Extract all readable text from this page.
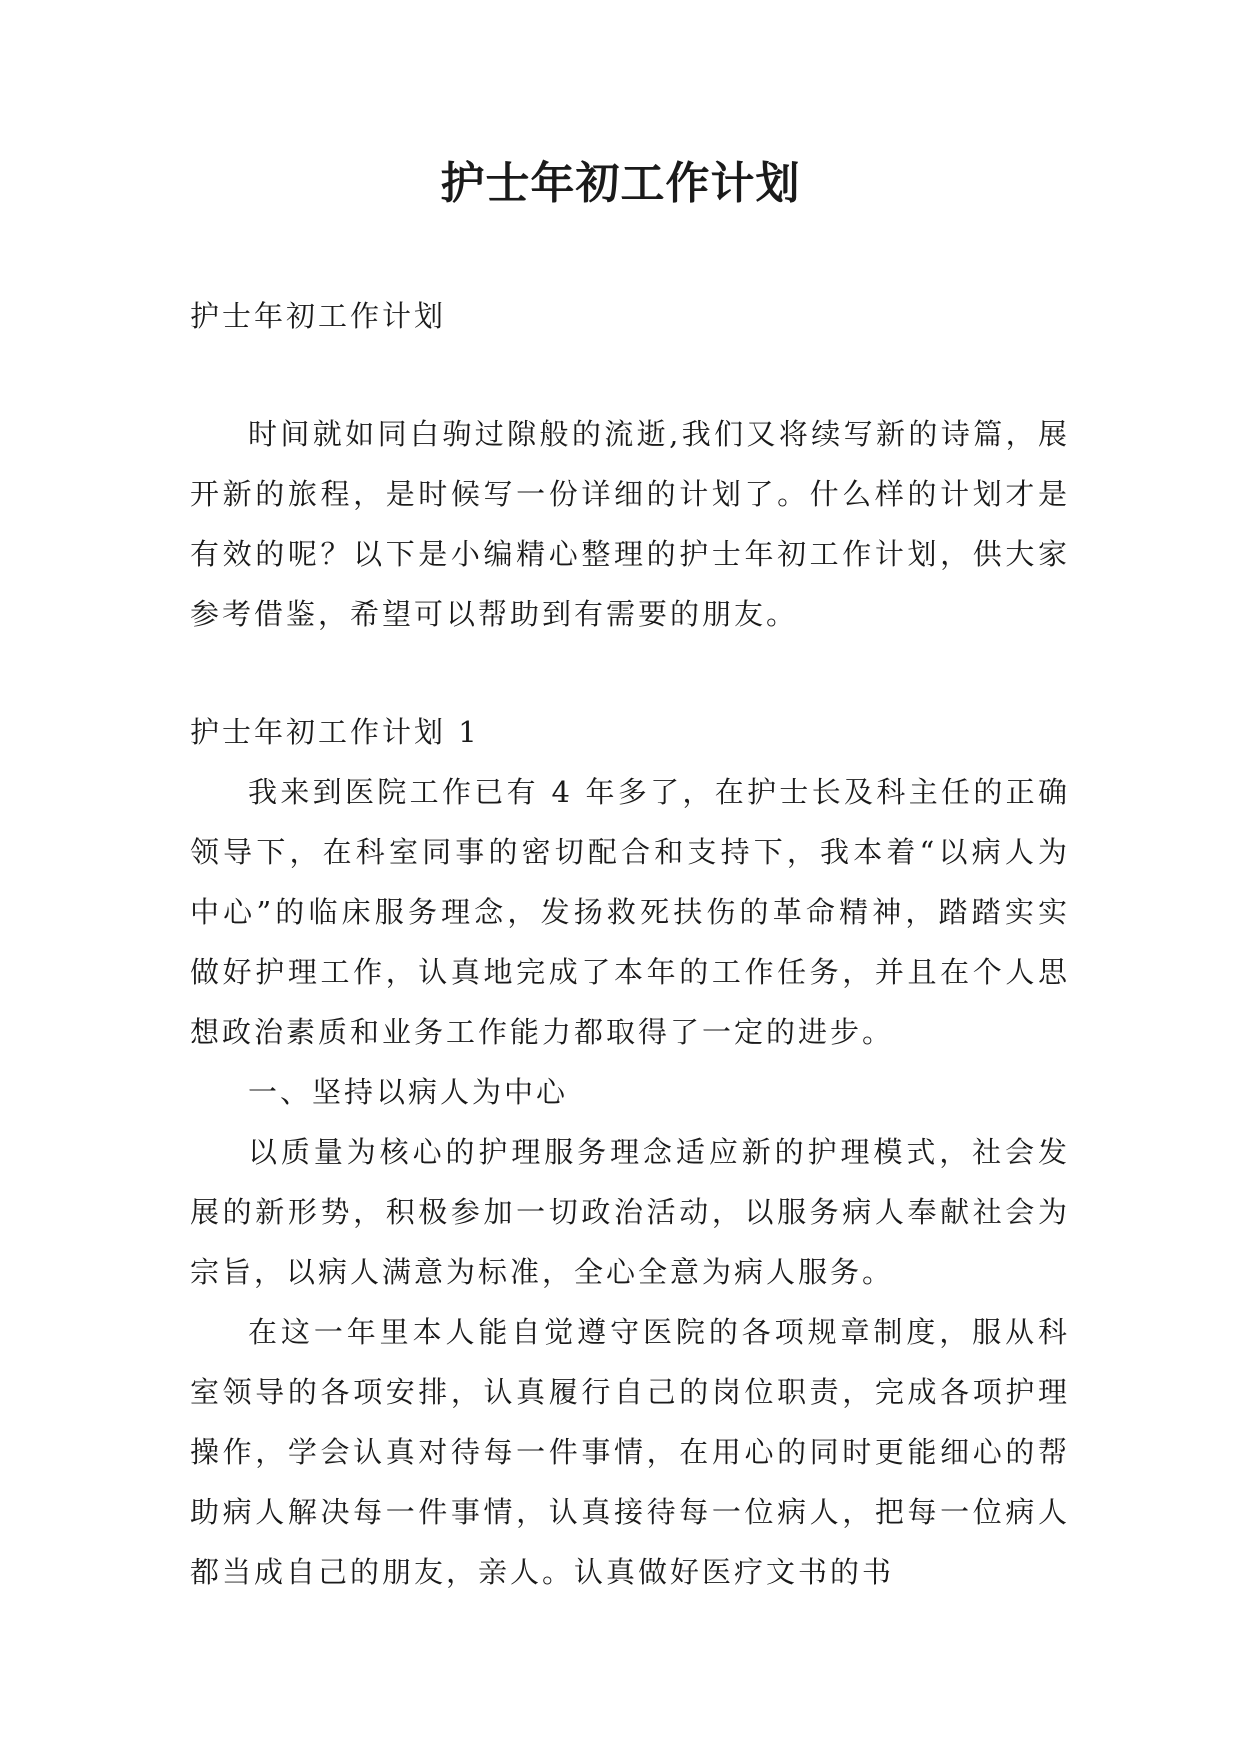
护士年初工作计划

护士年初工作计划

时间就如同白驹过隙般的流逝,我们又将续写新的诗篇，展开新的旅程，是时候写一份详细的计划了。什么样的计划才是有效的呢？以下是小编精心整理的护士年初工作计划，供大家参考借鉴，希望可以帮助到有需要的朋友。

护士年初工作计划 1

我来到医院工作已有 4 年多了，在护士长及科主任的正确领导下，在科室同事的密切配合和支持下，我本着“以病人为中心”的临床服务理念，发扬救死扶伤的革命精神，踏踏实实做好护理工作，认真地完成了本年的工作任务，并且在个人思想政治素质和业务工作能力都取得了一定的进步。

一、坚持以病人为中心

以质量为核心的护理服务理念适应新的护理模式，社会发展的新形势，积极参加一切政治活动，以服务病人奉献社会为宗旨，以病人满意为标准，全心全意为病人服务。

在这一年里本人能自觉遵守医院的各项规章制度，服从科室领导的各项安排，认真履行自己的岗位职责，完成各项护理操作，学会认真对待每一件事情，在用心的同时更能细心的帮助病人解决每一件事情，认真接待每一位病人，把每一位病人都当成自己的朋友，亲人。认真做好医疗文书的书
